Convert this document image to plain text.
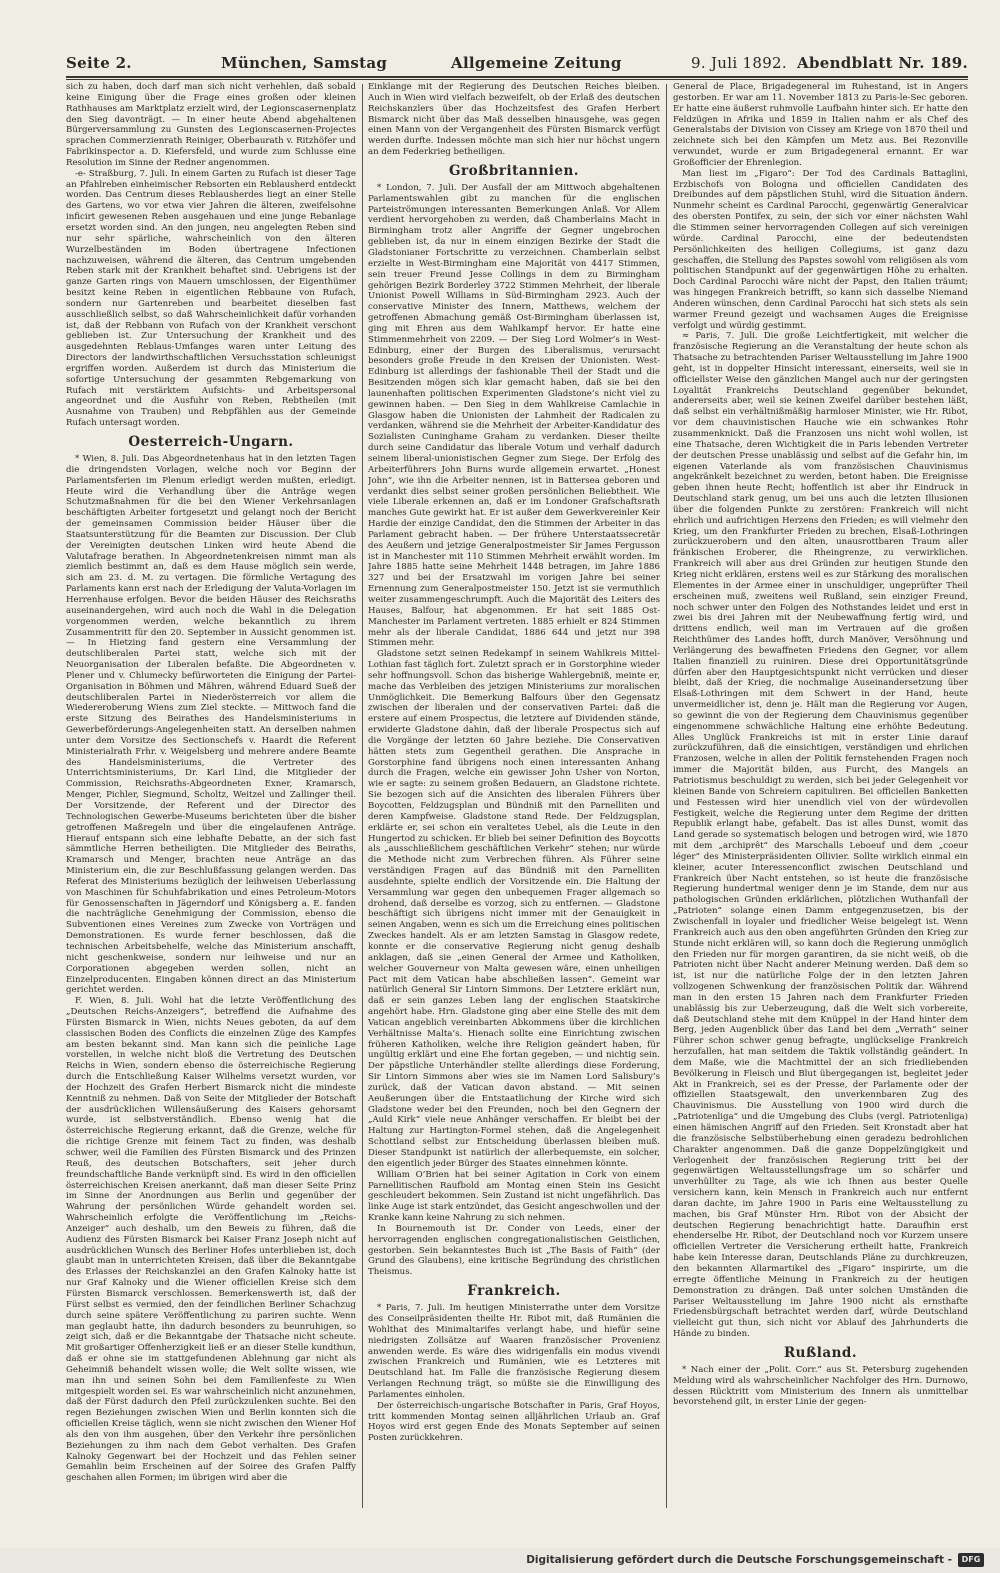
Seite 2.	München, Samstag	Allgemeine Zeitung	9. Juli 1892. Abendblatt Nr. 189.

sich zu haben, doch darf man sich nicht verhehlen, daß sobald keine Einigung über die Frage eines großen oder kleinen Rathhauses am Marktplatz erzielt wird, der Legionscasernenplatz den Sieg davonträgt. — In einer heute Abend abgehaltenen Bürgerversammlung zu Gunsten des Legionscasernen-Projectes sprachen Commerzienrath Reiniger, Oberbaurath v. Ritzhöfer und Fabrikinspector a. D. Kiefersfeld, und wurde zum Schlusse eine Resolution im Sinne der Redner angenommen.

-e- Straßburg, 7. Juli. In einem Garten zu Rufach ist dieser Tage an Pfahlreben einheimischer Rebsorten ein Reblausherd entdeckt worden. Das Centrum dieses Reblausherdes liegt an einer Stelle des Gartens, wo vor etwa vier Jahren die älteren, zweifelsohne inficirt gewesenen Reben ausgehauen und eine junge Rebanlage ersetzt worden sind. An den jungen, neu angelegten Reben sind nur sehr spärliche, wahrscheinlich von den älteren Wurzelbeständen im Boden übertragene Infectionen nachzuweisen, während die älteren, das Centrum umgebenden Reben stark mit der Krankheit behaftet sind. Uebrigens ist der ganze Garten rings von Mauern umschlossen, der Eigenthümer besitzt keine Reben in eigentlichen Rebbaune von Rufach, sondern nur Gartenreben und bearbeitet dieselben fast ausschließlich selbst, so daß Wahrscheinlichkeit dafür vorhanden ist, daß der Rebbann von Rufach von der Krankheit verschont geblieben ist. Zur Untersuchung der Krankheit und des ausgedehnten Reblaus-Umfanges waren unter Leitung des Directors der landwirthschaftlichen Versuchsstation schleunigst ergriffen worden. Außerdem ist durch das Ministerium die sofortige Untersuchung der gesammten Rebgemarkung von Rufach mit verstärktem Aufsichts- und Arbeitspersonal angeordnet und die Ausfuhr von Reben, Rebtheilen (mit Ausnahme von Trauben) und Rebpfählen aus der Gemeinde Rufach untersagt worden.

Oesterreich-Ungarn.

* Wien, 8. Juli. Das Abgeordnetenhaus hat in den letzten Tagen die dringendsten Vorlagen, welche noch vor Beginn der Parlamentsferien im Plenum erledigt werden mußten, erledigt. Heute wird die Verhandlung über die Anträge wegen Schutzmaßnahmen für die bei den Wiener Verkehrsanlagen beschäftigten Arbeiter fortgesetzt und gelangt noch der Bericht der gemeinsamen Commission beider Häuser über die Staatsunterstützung für die Beamten zur Discussion. Der Club der Vereinigten deutschen Linken wird heute Abend die Valutafrage berathen. In Abgeordnetenkreisen nimmt man als ziemlich bestimmt an, daß es dem Hause möglich sein werde, sich am 23. d. M. zu vertagen. Die förmliche Vertagung des Parlaments kann erst nach der Erledigung der Valuta-Vorlagen im Herrenhause erfolgen. Bevor die beiden Häuser des Reichsraths auseinandergehen, wird auch noch die Wahl in die Delegation vorgenommen werden, welche bekanntlich zu ihrem Zusammentritt für den 20. September in Aussicht genommen ist. — In Hietzing fand gestern eine Versammlung der deutschliberalen Partei statt, welche sich mit der Neuorganisation der Liberalen befaßte. Die Abgeordneten v. Plener und v. Chlumecky befürworteten die Einigung der Partei-Organisation in Böhmen und Mähren, während Eduard Sueß der deutschliberalen Partei in Niederösterreich vor allem die Wiedereroberung Wiens zum Ziel steckte. — Mittwoch fand die erste Sitzung des Beirathes des Handelsministeriums in Gewerbeförderungs-Angelegenheiten statt. An derselben nahmen unter dem Vorsitze des Sectionschefs v. Haardt die Referent Ministerialrath Frhr. v. Weigelsberg und mehrere andere Beamte des Handelsministeriums, die Vertreter des Unterrichtsministeriums, Dr. Karl Lind, die Mitglieder der Commission, Reichsraths-Abgeordneten Exner, Kramarsch, Menger, Pichler, Siegmund, Scholtz, Weitzel und Zallinger theil. Der Vorsitzende, der Referent und der Director des Technologischen Gewerbe-Museums berichteten über die bisher getroffenen Maßregeln und über die eingelaufenen Anträge. Hierauf entspann sich eine lebhafte Debatte, an der sich fast sämmtliche Herren betheiligten. Die Mitglieder des Beiraths, Kramarsch und Menger, brachten neue Anträge an das Ministerium ein, die zur Beschlußfassung gelangen werden. Das Referat des Ministeriums bezüglich der leihweisen Ueberlassung von Maschinen für Schuhfabrikation und eines Petroleum-Motors für Genossenschaften in Jägerndorf und Königsberg a. E. fanden die nachträgliche Genehmigung der Commission, ebenso die Subventionen eines Vereines zum Zwecke von Vorträgen und Demonstrationen. Es wurde ferner beschlossen, daß die technischen Arbeitsbehelfe, welche das Ministerium anschafft, nicht geschenkweise, sondern nur leihweise und nur an Corporationen abgegeben werden sollen, nicht an Einzelproducenten. Eingaben können direct an das Ministerium gerichtet werden.

F. Wien, 8. Juli. Wohl hat die letzte Veröffentlichung des „Deutschen Reichs-Anzeigers“, betreffend die Aufnahme des Fürsten Bismarck in Wien, nichts Neues geboten, da auf dem classischen Boden des Conflicts die einzelnen Züge des Kampfes am besten bekannt sind. Man kann sich die peinliche Lage vorstellen, in welche nicht bloß die Vertretung des Deutschen Reichs in Wien, sondern ebenso die österreichische Regierung durch die Entschließung Kaiser Wilhelms versetzt wurden, vor der Hochzeit des Grafen Herbert Bismarck nicht die mindeste Kenntniß zu nehmen. Daß von Seite der Mitglieder der Botschaft der ausdrücklichen Willensäußerung des Kaisers gehorsamt wurde, ist selbstverständlich. Ebenso wenig hat die österreichische Regierung erkannt, daß die Grenze, welche für die richtige Grenze mit feinem Tact zu finden, was deshalb schwer, weil die Familien des Fürsten Bismarck und des Prinzen Reuß, des deutschen Botschafters, seit jeher durch freundschaftliche Bande verknüpft sind. Es wird in den officiellen österreichischen Kreisen anerkannt, daß man dieser Seite Prinz im Sinne der Anordnungen aus Berlin und gegenüber der Wahrung der persönlichen Würde gehandelt worden sei. Wahrscheinlich erfolgte die Veröffentlichung im „Reichs-Anzeiger“ auch deshalb, um den Beweis zu führen, daß die Audienz des Fürsten Bismarck bei Kaiser Franz Joseph nicht auf ausdrücklichen Wunsch des Berliner Hofes unterblieben ist, doch glaubt man in unterrichteten Kreisen, daß über die Bekanntgabe des Erlasses der Reichskanzlei an den Grafen Kalnoky hatte ist nur Graf Kalnoky und die Wiener officiellen Kreise sich dem Fürsten Bismarck verschlossen. Bemerkenswerth ist, daß der Fürst selbst es vermied, den der feindlichen Berliner Schachzug durch seine spätere Veröffentlichung zu pariren suchte. Wenn man geglaubt hatte, ihn dadurch besonders zu beunruhigen, so zeigt sich, daß er die Bekanntgabe der Thatsache nicht scheute. Mit großartiger Offenherzigkeit ließ er an dieser Stelle kundthun, daß er ohne sie im stattgefundenen Ablehnung gar nicht als Geheimniß behandelt wissen wolle; die Welt sollte wissen, wie man ihn und seinen Sohn bei dem Familienfeste zu Wien mitgespielt worden sei. Es war wahrscheinlich nicht anzunehmen, daß der Fürst dadurch den Pfeil zurückzulenken suchte. Bei den regen Beziehungen zwischen Wien und Berlin konnten sich die officiellen Kreise täglich, wenn sie nicht zwischen den Wiener Hof als den von ihm ausgehen, über den Verkehr ihre persönlichen Beziehungen zu ihm nach dem Gebot verhalten. Des Grafen Kalnoky Gegenwart bei der Hochzeit und das Fehlen seiner Gemahlin beim Erscheinen auf der Soiree des Grafen Palffy geschahen allen Formen; im übrigen wird aber die

Einklange mit der Regierung des Deutschen Reiches bleiben. Auch in Wien wird vielfach bezweifelt, ob der Erlaß des deutschen Reichskanzlers über das Hochzeitsfest des Grafen Herbert Bismarck nicht über das Maß desselben hinausgehe, was gegen einen Mann von der Vergangenheit des Fürsten Bismarck verfügt werden durfte. Indessen möchte man sich hier nur höchst ungern an dem Federkrieg betheiligen.

Großbritannien.

* London, 7. Juli. Der Ausfall der am Mittwoch abgehaltenen Parlamentswahlen gibt zu manchen für die englischen Parteiströmungen interessanten Bemerkungen Anlaß. Vor Allem verdient hervorgehoben zu werden, daß Chamberlains Macht in Birmingham trotz aller Angriffe der Gegner ungebrochen geblieben ist, da nur in einem einzigen Bezirke der Stadt die Gladstonianer Fortschritte zu verzeichnen. Chamberlain selbst erzielte in West-Birmingham eine Majorität von 4417 Stimmen, sein treuer Freund Jesse Collings in dem zu Birmingham gehörigen Bezirk Borderley 3722 Stimmen Mehrheit, der liberale Unionist Powell Williams in Süd-Birmingham 2923. Auch der conservative Minister des Innern, Matthews, welchem der getroffenen Abmachung gemäß Ost-Birmingham überlassen ist, ging mit Ehren aus dem Wahlkampf hervor. Er hatte eine Stimmenmehrheit von 2209. — Der Sieg Lord Wolmer’s in West-Edinburg, einer der Burgen des Liberalismus, verursacht besonders große Freude in den Kreisen der Unionisten. West-Edinburg ist allerdings der fashionable Theil der Stadt und die Besitzenden mögen sich klar gemacht haben, daß sie bei den launenhaften politischen Experimenten Gladstone’s nicht viel zu gewinnen haben. — Den Sieg in dem Wahlkreise Camlachie in Glasgow haben die Unionisten der Lahmheit der Radicalen zu verdanken, während sie die Mehrheit der Arbeiter-Kandidatur des Sozialisten Cuninghame Graham zu verdanken. Dieser theilte durch seine Candidatur das liberale Votum und verhalf dadurch seinem liberal-unionistischen Gegner zum Siege. Der Erfolg des Arbeiterführers John Burns wurde allgemein erwartet. „Honest John“, wie ihn die Arbeiter nennen, ist in Battersea geboren und verdankt dies selbst seiner großen persönlichen Beliebtheit. Wie viele Liberale erkennen an, daß er im Londoner Grafschaftsrath manches Gute gewirkt hat. Er ist außer dem Gewerkvereinler Keir Hardie der einzige Candidat, den die Stimmen der Arbeiter in das Parlament gebracht haben. — Der frühere Unterstaatssecretär des Aeußern und jetzige Generalpostmeister Sir James Fergusson ist in Manchester mit 110 Stimmen Mehrheit erwählt worden. Im Jahre 1885 hatte seine Mehrheit 1448 betragen, im Jahre 1886 327 und bei der Ersatzwahl im vorigen Jahre bei seiner Ernennung zum Generalpostmeister 150. Jetzt ist sie vermuthlich weiter zusammengeschrumpft. Auch die Majorität des Leiters des Hauses, Balfour, hat abgenommen. Er hat seit 1885 Ost-Manchester im Parlament vertreten. 1885 erhielt er 824 Stimmen mehr als der liberale Candidat, 1886 644 und jetzt nur 398 Stimmen mehr.

Gladstone setzt seinen Redekampf in seinem Wahlkreis Mittel-Lothian fast täglich fort. Zuletzt sprach er in Gorstorphine wieder sehr hoffnungsvoll. Schon das bisherige Wahlergebniß, meinte er, mache das Verbleiben des jetzigen Ministeriums zur moralischen Unmöglichkeit. Die Bemerkung Balfours über den Gegensatz zwischen der liberalen und der conservativen Partei: daß die erstere auf einem Prospectus, die letztere auf Dividenden stände, erwiderte Gladstone dahin, daß der liberale Prospectus sich auf die Vorgänge der letzten 60 Jahre beziehe. Die Conservativen hätten stets zum Gegentheil gerathen. Die Ansprache in Gorstorphine fand übrigens noch einen interessanten Anhang durch die Fragen, welche ein gewisser John Usher von Norton, wie er sagte: zu seinem großen Bedauern, an Gladstone richtete. Sie bezogen sich auf die Ansichten des liberalen Führers über Boycotten, Feldzugsplan und Bündniß mit den Parnelliten und deren Kampfweise. Gladstone stand Rede. Der Feldzugsplan, erklärte er, sei schon ein veraltetes Uebel, als die Leute in den Hungertod zu schicken. Er blieb bei seiner Definition des Boycotts als „ausschließlichem geschäftlichen Verkehr“ stehen; nur würde die Methode nicht zum Verbrechen führen. Als Führer seine verständigen Fragen auf das Bündniß mit den Parnelliten ausdehnte, spielte endlich der Vorsitzende ein. Die Haltung der Versammlung war gegen den unbequemen Frager allgemach so drohend, daß derselbe es vorzog, sich zu entfernen. — Gladstone beschäftigt sich übrigens nicht immer mit der Genauigkeit in seinen Angaben, wenn es sich um die Erreichung eines politischen Zweckes handelt. Als er am letzten Samstag in Glasgow redete, konnte er die conservative Regierung nicht genug deshalb anklagen, daß sie „einen General der Armee und Katholiken, welcher Gouverneur von Malta gewesen wäre, einen unheiligen Pact mit dem Vatican habe abschließen lassen“. Gemeint war natürlich General Sir Lintorn Simmons. Der Letztere erklärt nun, daß er sein ganzes Leben lang der englischen Staatskirche angehört habe. Hrn. Gladstone ging aber eine Stelle des mit dem Vatican angeblich vereinbarten Abkommens über die kirchlichen Verhältnisse Malta’s. Hienach sollte eine Einrichtung zwischen früheren Katholiken, welche ihre Religion geändert haben, für ungültig erklärt und eine Ehe fortan gegeben, — und nichtig sein. Der päpstliche Unterhändler stellte allerdings diese Forderung, Sir Lintorn Simmons aber wies sie im Namen Lord Salisbury’s zurück, daß der Vatican davon abstand. — Mit seinen Aeußerungen über die Entstaatlichung der Kirche wird sich Gladstone weder bei den Freunden, noch bei den Gegnern der „Auld Kirk“ viele neue Anhänger verschaffen. Er bleibt bei der Haltung zur Hartington-Formel stehen, daß die Angelegenheit Schottland selbst zur Entscheidung überlassen bleiben muß. Dieser Standpunkt ist natürlich der allerbequemste, ein solcher, den eigentlich jeder Bürger des Staates einnehmen könnte.

William O’Brien hat bei seiner Agitation in Cork von einem Parnellitischen Raufbold am Montag einen Stein ins Gesicht geschleudert bekommen. Sein Zustand ist nicht ungefährlich. Das linke Auge ist stark entzündet, das Gesicht angeschwollen und der Kranke kann keine Nahrung zu sich nehmen.

In Bournemouth ist Dr. Conder von Leeds, einer der hervorragenden englischen congregationalistischen Geistlichen, gestorben. Sein bekanntestes Buch ist „The Basis of Faith“ (der Grund des Glaubens), eine kritische Begründung des christlichen Theismus.

Frankreich.

* Paris, 7. Juli. Im heutigen Ministerrathe unter dem Vorsitze des Conseilpräsidenten theilte Hr. Ribot mit, daß Rumänien die Wohlthat des Minimaltarifes verlangt habe, und hiefür seine niedrigsten Zollsätze auf Waaren französischer Provenienz anwenden werde. Es wäre dies widrigenfalls ein modus vivendi zwischen Frankreich und Rumänien, wie es Letzteres mit Deutschland hat. Im Falle die französische Regierung diesem Verlangen Rechnung trägt, so müßte sie die Einwilligung des Parlamentes einholen.

Der österreichisch-ungarische Botschafter in Paris, Graf Hoyos, tritt kommenden Montag seinen alljährlichen Urlaub an. Graf Hoyos wird erst gegen Ende des Monats September auf seinen Posten zurückkehren.

General de Place, Brigadegeneral im Ruhestand, ist in Angers gestorben. Er war am 11. November 1813 zu Paris-le-Sec geboren. Er hatte eine äußerst ruhmvolle Laufbahn hinter sich. Er hatte den Feldzügen in Afrika und 1859 in Italien nahm er als Chef des Generalstabs der Division von Cissey am Kriege von 1870 theil und zeichnete sich bei den Kämpfen um Metz aus. Bei Rezonville verwundet, wurde er zum Brigadegeneral ernannt. Er war Großofficier der Ehrenlegion.

Man liest im „Figaro“: Der Tod des Cardinals Battaglini, Erzbischofs von Bologna und officiellen Candidaten des Dreibundes auf dem päpstlichen Stuhl, wird die Situation ändern. Nunmehr scheint es Cardinal Parocchi, gegenwärtig Generalvicar des obersten Pontifex, zu sein, der sich vor einer nächsten Wahl die Stimmen seiner hervorragenden Collegen auf sich vereinigen würde. Cardinal Parocchi, eine der bedeutendsten Persönlichkeiten des heiligen Collegiums, ist ganz dazu geschaffen, die Stellung des Papstes sowohl vom religiösen als vom politischen Standpunkt auf der gegenwärtigen Höhe zu erhalten. Doch Cardinal Parocchi wäre nicht der Papst, den Italien träumt; was hingegen Frankreich betrifft, so kann sich dasselbe Niemand Anderen wünschen, denn Cardinal Parocchi hat sich stets als sein warmer Freund gezeigt und wachsamen Auges die Ereignisse verfolgt und würdig gestimmt.

≈ Paris, 7. Juli. Die große Leichtfertigkeit, mit welcher die französische Regierung an die Veranstaltung der heute schon als Thatsache zu betrachtenden Pariser Weltausstellung im Jahre 1900 geht, ist in doppelter Hinsicht interessant, einerseits, weil sie in officiellster Weise den gänzlichen Mangel auch nur der geringsten Loyalität Frankreichs Deutschland gegenüber bekundet, andererseits aber, weil sie keinen Zweifel darüber bestehen läßt, daß selbst ein verhältnißmäßig harmloser Minister, wie Hr. Ribot, vor dem chauvinistischen Hauche wie ein schwankes Rohr zusammenknickt. Daß die Franzosen uns nicht wohl wollen, ist eine Thatsache, deren Wichtigkeit die in Paris lebenden Vertreter der deutschen Presse unablässig und selbst auf die Gefahr hin, im eigenen Vaterlande als vom französischen Chauvinismus angekränkelt bezeichnet zu werden, betont haben. Die Ereignisse geben ihnen heute Recht; hoffentlich ist aber ihr Eindruck in Deutschland stark genug, um bei uns auch die letzten Illusionen über die folgenden Punkte zu zerstören: Frankreich will nicht ehrlich und aufrichtigen Herzens den Frieden; es will vielmehr den Krieg, um den Frankfurter Frieden zu brechen, Elsaß-Lothringen zurückzuerobern und den alten, unausrottbaren Traum aller fränkischen Eroberer, die Rheingrenze, zu verwirklichen. Frankreich will aber aus drei Gründen zur heutigen Stunde den Krieg nicht erklären, erstens weil es zur Stärkung des moralischen Elementes in der Armee einer in unschuldiger, ungeprüfter Theil erscheinen muß, zweitens weil Rußland, sein einziger Freund, noch schwer unter den Folgen des Nothstandes leidet und erst in zwei bis drei Jahren mit der Neubewaffnung fertig wird, und drittens endlich, weil man im Vertrauen auf die großen Reichthümer des Landes hofft, durch Manöver, Versöhnung und Verlängerung des bewaffneten Friedens den Gegner, vor allem Italien finanziell zu ruiniren. Diese drei Opportunitätsgründe dürfen aber den Hauptgesichtspunkt nicht verrücken und dieser bleibt, daß der Krieg, die nochmalige Auseinandersetzung über Elsaß-Lothringen mit dem Schwert in der Hand, heute unvermeidlicher ist, denn je. Hält man die Regierung vor Augen, so gewinnt die von der Regierung dem Chauvinismus gegenüber eingenommene schwächliche Haltung eine erhöhte Bedeutung. Alles Unglück Frankreichs ist mit in erster Linie darauf zurückzuführen, daß die einsichtigen, verständigen und ehrlichen Franzosen, welche in allen der Politik fernstehenden Fragen noch immer die Majorität bilden, aus Furcht, des Mangels an Patriotismus beschuldigt zu werden, sich bei jeder Gelegenheit vor kleinen Bande von Schreiern capituliren. Bei officiellen Banketten und Festessen wird hier unendlich viel von der würdevollen Festigkeit, welche die Regierung unter dem Regime der dritten Republik erlangt habe, gefabelt. Das ist alles Dunst, womit das Land gerade so systematisch belogen und betrogen wird, wie 1870 mit dem „archiprêt“ des Marschalls Leboeuf und dem „coeur léger“ des Ministerpräsidenten Ollivier. Sollte wirklich einmal ein kleiner, acuter Interessenconflict zwischen Deutschland und Frankreich über Nacht entstehen, so ist heute die französische Regierung hundertmal weniger denn je im Stande, dem nur aus pathologischen Gründen erklärlichen, plötzlichen Wuthanfall der „Patrioten“ solange einen Damm entgegenzusetzen, bis der Zwischenfall in loyaler und friedlicher Weise beigelegt ist. Wenn Frankreich auch aus den oben angeführten Gründen den Krieg zur Stunde nicht erklären will, so kann doch die Regierung unmöglich den Frieden nur für morgen garantiren, da sie nicht weiß, ob die Patrioten nicht über Nacht anderer Meinung werden. Daß dem so ist, ist nur die natürliche Folge der in den letzten Jahren vollzogenen Schwenkung der französischen Politik dar. Während man in den ersten 15 Jahren nach dem Frankfurter Frieden unablässig bis zur Ueberzeugung, daß die Welt sich vorbereite, daß Deutschland stehe mit dem Knüppel in der Hand hinter dem Berg, jeden Augenblick über das Land bei dem „Verrath“ seiner Führer schon schwer genug befragte, unglückselige Frankreich herzufallen, hat man seitdem die Taktik vollständig geändert. In dem Maße, wie die Machtmittel der an sich friedliebenden Bevölkerung in Fleisch und Blut übergegangen ist, begleitet jeder Akt in Frankreich, sei es der Presse, der Parlamente oder der offiziellen Staatsgewalt, den unverkennbaren Zug des Chauvinismus. Die Ausstellung von 1900 wird durch die „Patriotenliga“ und die Umgebung des Clubs (vergl. Patriotenliga) einen hämischen Angriff auf den Frieden. Seit Kronstadt aber hat die französische Selbstüberhebung einen geradezu bedrohlichen Charakter angenommen. Daß die ganze Doppelzüngigkeit und Verlogenheit der französischen Regierung tritt bei der gegenwärtigen Weltausstellungsfrage um so schärfer und unverhüllter zu Tage, als wie ich Ihnen aus bester Quelle versichern kann, kein Mensch in Frankreich auch nur entfernt daran dachte, im Jahre 1900 in Paris eine Weltausstellung zu machen, bis Graf Münster Hrn. Ribot von der Absicht der deutschen Regierung benachrichtigt hatte. Daraufhin erst ehenderselbe Hr. Ribot, der Deutschland noch vor Kurzem unsere officiellen Vertreter die Versicherung ertheilt hatte, Frankreich habe kein Interesse daran, Deutschlands Pläne zu durchkreuzen, den bekannten Allarmartikel des „Figaro“ inspirirte, um die erregte öffentliche Meinung in Frankreich zu der heutigen Demonstration zu drängen. Daß unter solchen Umständen die Pariser Weltausstellung im Jahre 1900 nicht als ernsthafte Friedensbürgschaft betrachtet werden darf, würde Deutschland vielleicht gut thun, sich nicht vor Ablauf des Jahrhunderts die Hände zu binden.

Rußland.

* Nach einer der „Polit. Corr.“ aus St. Petersburg zugehenden Meldung wird als wahrscheinlicher Nachfolger des Hrn. Durnowo, dessen Rücktritt vom Ministerium des Innern als unmittelbar bevorstehend gilt, in erster Linie der gegen-

Digitalisierung gefördert durch die Deutsche Forschungsgemeinschaft -	DFG
